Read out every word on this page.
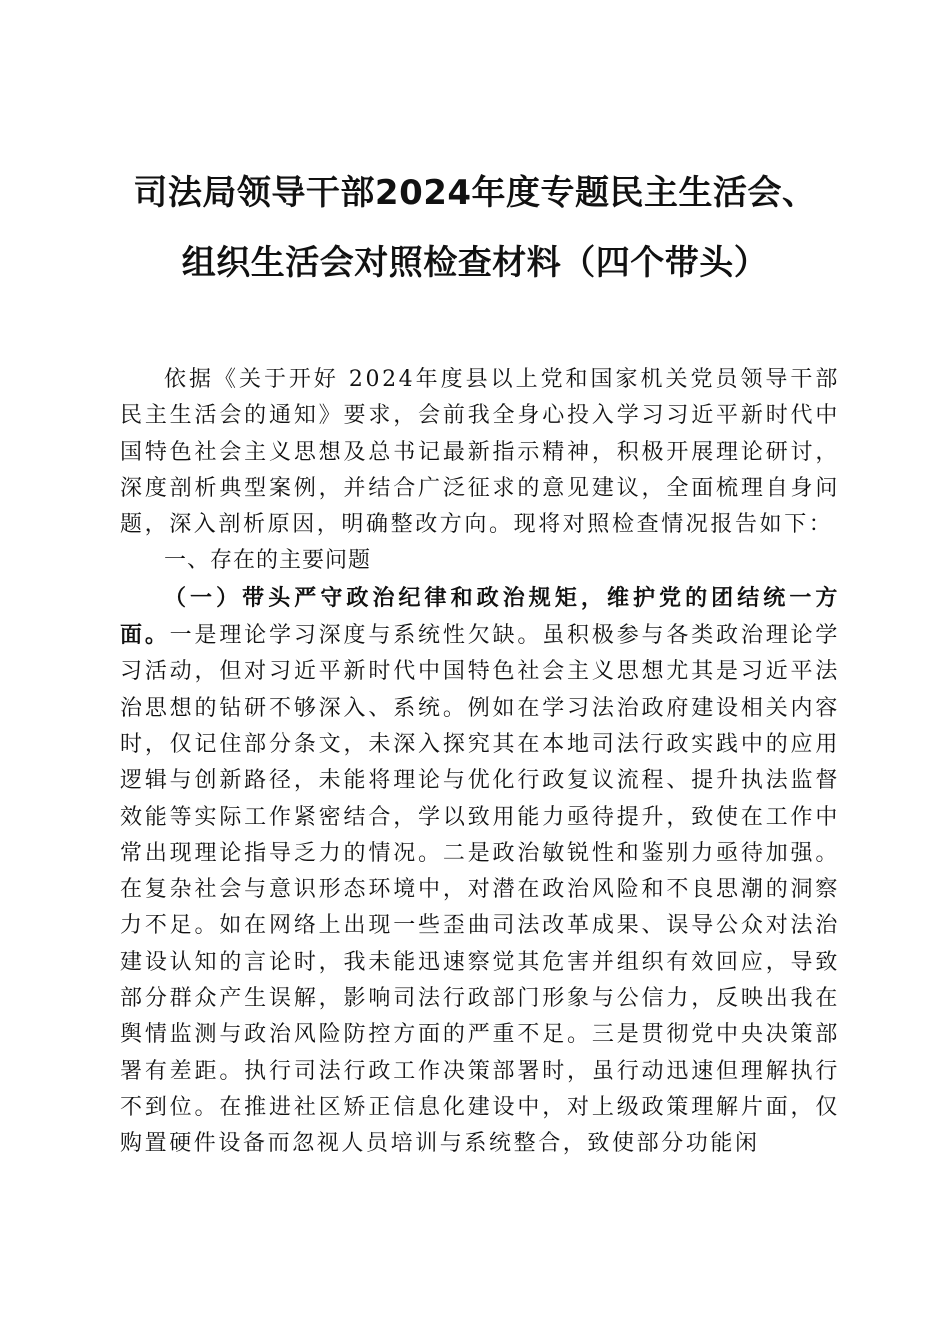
司法局领导干部2024年度专题民主生活会、
组织生活会对照检查材料（四个带头）

依据《关于开好 2024年度县以上党和国家机关党员领导干部民主生活会的通知》要求，会前我全身心投入学习习近平新时代中国特色社会主义思想及总书记最新指示精神，积极开展理论研讨，深度剖析典型案例，并结合广泛征求的意见建议，全面梳理自身问题，深入剖析原因，明确整改方向。现将对照检查情况报告如下：

一、存在的主要问题

（一）带头严守政治纪律和政治规矩，维护党的团结统一方面。一是理论学习深度与系统性欠缺。虽积极参与各类政治理论学习活动，但对习近平新时代中国特色社会主义思想尤其是习近平法治思想的钻研不够深入、系统。例如在学习法治政府建设相关内容时，仅记住部分条文，未深入探究其在本地司法行政实践中的应用逻辑与创新路径，未能将理论与优化行政复议流程、提升执法监督效能等实际工作紧密结合，学以致用能力亟待提升，致使在工作中常出现理论指导乏力的情况。二是政治敏锐性和鉴别力亟待加强。在复杂社会与意识形态环境中，对潜在政治风险和不良思潮的洞察力不足。如在网络上出现一些歪曲司法改革成果、误导公众对法治建设认知的言论时，我未能迅速察觉其危害并组织有效回应，导致部分群众产生误解，影响司法行政部门形象与公信力，反映出我在舆情监测与政治风险防控方面的严重不足。三是贯彻党中央决策部署有差距。执行司法行政工作决策部署时，虽行动迅速但理解执行不到位。在推进社区矫正信息化建设中，对上级政策理解片面，仅购置硬件设备而忽视人员培训与系统整合，致使部分功能闲
